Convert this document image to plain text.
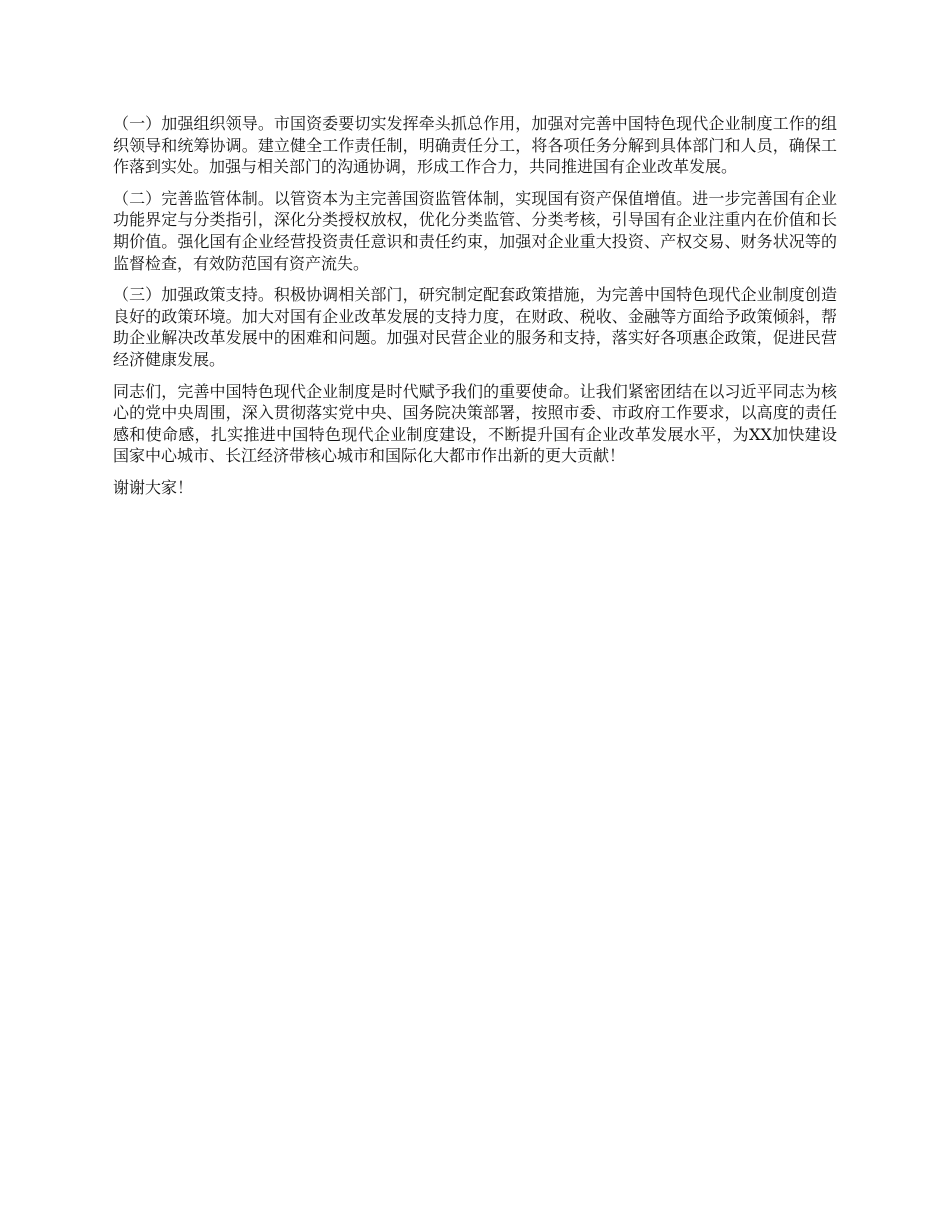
（一）加强组织领导。市国资委要切实发挥牵头抓总作用，加强对完善中国特色现代企业制度工作的组织领导和统筹协调。建立健全工作责任制，明确责任分工，将各项任务分解到具体部门和人员，确保工作落到实处。加强与相关部门的沟通协调，形成工作合力，共同推进国有企业改革发展。

（二）完善监管体制。以管资本为主完善国资监管体制，实现国有资产保值增值。进一步完善国有企业功能界定与分类指引，深化分类授权放权，优化分类监管、分类考核，引导国有企业注重内在价值和长期价值。强化国有企业经营投资责任意识和责任约束，加强对企业重大投资、产权交易、财务状况等的监督检查，有效防范国有资产流失。

（三）加强政策支持。积极协调相关部门，研究制定配套政策措施，为完善中国特色现代企业制度创造良好的政策环境。加大对国有企业改革发展的支持力度，在财政、税收、金融等方面给予政策倾斜，帮助企业解决改革发展中的困难和问题。加强对民营企业的服务和支持，落实好各项惠企政策，促进民营经济健康发展。

同志们，完善中国特色现代企业制度是时代赋予我们的重要使命。让我们紧密团结在以习近平同志为核心的党中央周围，深入贯彻落实党中央、国务院决策部署，按照市委、市政府工作要求，以高度的责任感和使命感，扎实推进中国特色现代企业制度建设，不断提升国有企业改革发展水平，为XX加快建设国家中心城市、长江经济带核心城市和国际化大都市作出新的更大贡献！

谢谢大家！
